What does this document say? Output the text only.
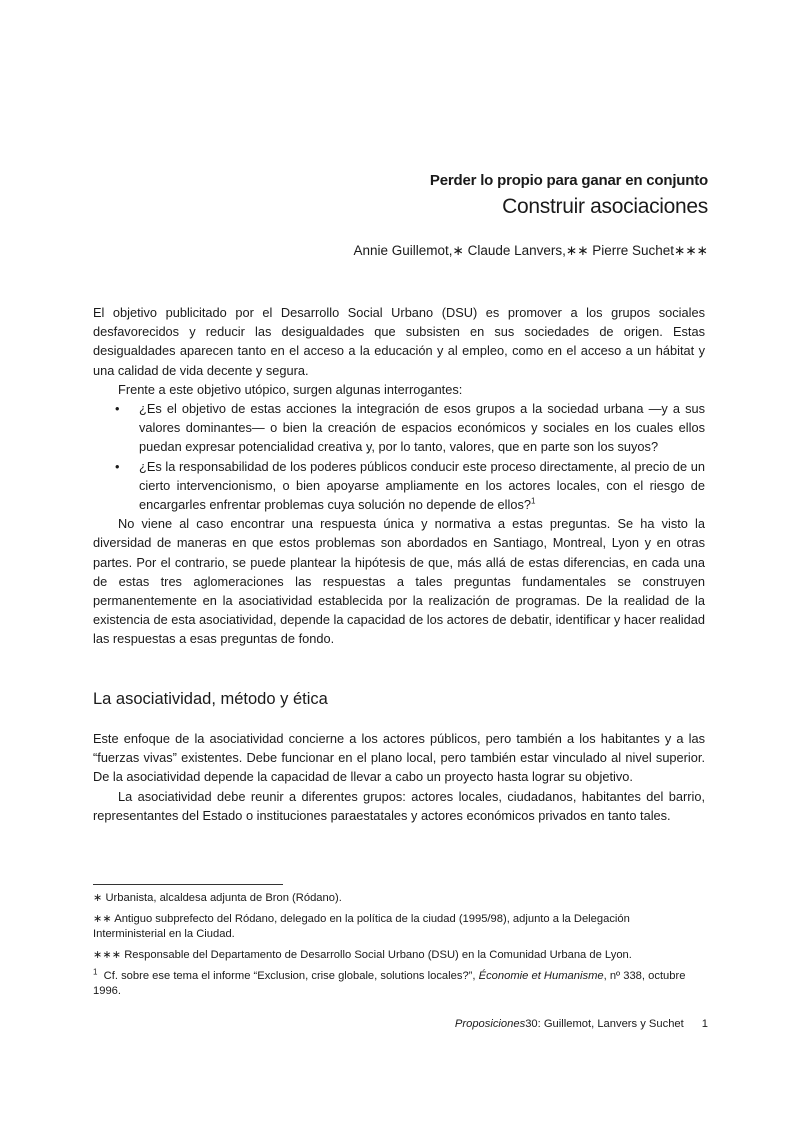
Perder lo propio para ganar en conjunto
Construir asociaciones
Annie Guillemot,∗ Claude Lanvers,∗∗ Pierre Suchet∗∗∗

El objetivo publicitado por el Desarrollo Social Urbano (DSU) es promover a los grupos sociales desfavorecidos y reducir las desigualdades que subsisten en sus sociedades de origen. Estas desigualdades aparecen tanto en el acceso a la educación y al empleo, como en el acceso a un hábitat y una calidad de vida decente y segura.

Frente a este objetivo utópico, surgen algunas interrogantes:

• ¿Es el objetivo de estas acciones la integración de esos grupos a la sociedad urbana —y a sus valores dominantes— o bien la creación de espacios económicos y sociales en los cuales ellos puedan expresar potencialidad creativa y, por lo tanto, valores, que en parte son los suyos?
• ¿Es la responsabilidad de los poderes públicos conducir este proceso directamente, al precio de un cierto intervencionismo, o bien apoyarse ampliamente en los actores locales, con el riesgo de encargarles enfrentar problemas cuya solución no depende de ellos?$^1$

No viene al caso encontrar una respuesta única y normativa a estas preguntas. Se ha visto la diversidad de maneras en que estos problemas son abordados en Santiago, Montreal, Lyon y en otras partes. Por el contrario, se puede plantear la hipótesis de que, más allá de estas diferencias, en cada una de estas tres aglomeraciones las respuestas a tales preguntas fundamentales se construyen permanentemente en la asociatividad establecida por la realización de programas. De la realidad de la existencia de esta asociatividad, depende la capacidad de los actores de debatir, identificar y hacer realidad las respuestas a esas preguntas de fondo.

La asociatividad, método y ética

Este enfoque de la asociatividad concierne a los actores públicos, pero también a los habitantes y a las “fuerzas vivas” existentes. Debe funcionar en el plano local, pero también estar vinculado al nivel superior. De la asociatividad depende la capacidad de llevar a cabo un proyecto hasta lograr su objetivo.

La asociatividad debe reunir a diferentes grupos: actores locales, ciudadanos, habitantes del barrio, representantes del Estado o instituciones paraestatales y actores económicos privados en tanto tales.

∗ Urbanista, alcaldesa adjunta de Bron (Ródano).

∗∗ Antiguo subprefecto del Ródano, delegado en la política de la ciudad (1995/98), adjunto a la Delegación Interministerial en la Ciudad.

∗∗∗ Responsable del Departamento de Desarrollo Social Urbano (DSU) en la Comunidad Urbana de Lyon.

$^1$ Cf. sobre ese tema el informe “Exclusion, crise globale, solutions locales?”, Économie et Humanisme, nº 338, octubre 1996.

Proposiciones30: Guillemot, Lanvers y Suchet 1
